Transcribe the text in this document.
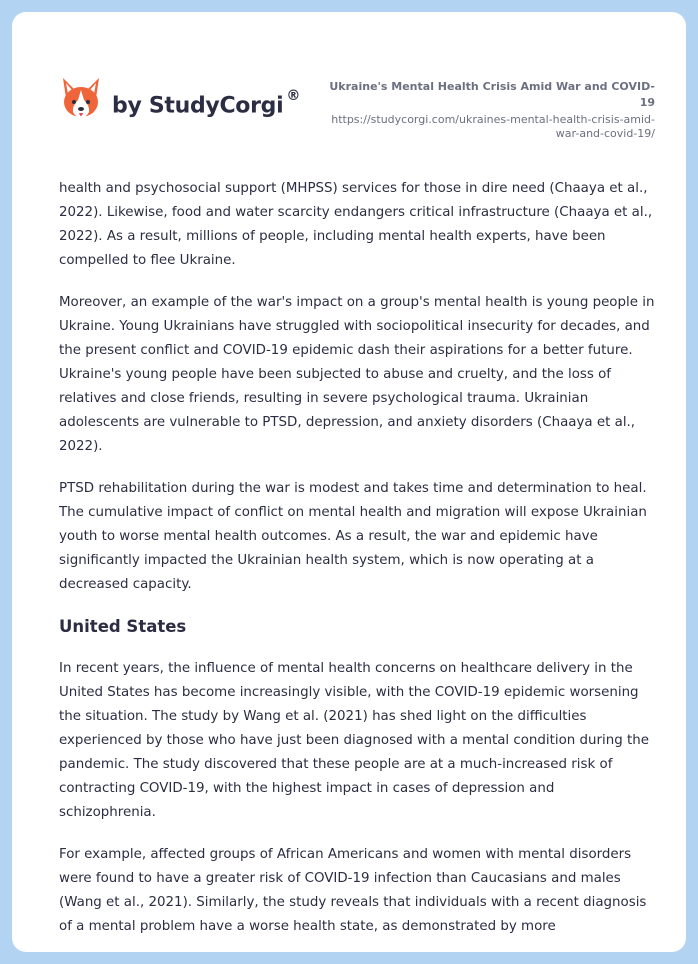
by StudyCorgi ®
Ukraine's Mental Health Crisis Amid War and COVID-19
https://studycorgi.com/ukraines-mental-health-crisis-amid-
war-and-covid-19/

health and psychosocial support (MHPSS) services for those in dire need (Chaaya et al., 2022). Likewise, food and water scarcity endangers critical infrastructure (Chaaya et al., 2022). As a result, millions of people, including mental health experts, have been compelled to flee Ukraine.

Moreover, an example of the war's impact on a group's mental health is young people in Ukraine. Young Ukrainians have struggled with sociopolitical insecurity for decades, and the present conflict and COVID-19 epidemic dash their aspirations for a better future. Ukraine's young people have been subjected to abuse and cruelty, and the loss of relatives and close friends, resulting in severe psychological trauma. Ukrainian adolescents are vulnerable to PTSD, depression, and anxiety disorders (Chaaya et al., 2022).

PTSD rehabilitation during the war is modest and takes time and determination to heal. The cumulative impact of conflict on mental health and migration will expose Ukrainian youth to worse mental health outcomes. As a result, the war and epidemic have significantly impacted the Ukrainian health system, which is now operating at a decreased capacity.

United States

In recent years, the influence of mental health concerns on healthcare delivery in the United States has become increasingly visible, with the COVID-19 epidemic worsening the situation. The study by Wang et al. (2021) has shed light on the difficulties experienced by those who have just been diagnosed with a mental condition during the pandemic. The study discovered that these people are at a much-increased risk of contracting COVID-19, with the highest impact in cases of depression and schizophrenia.

For example, affected groups of African Americans and women with mental disorders were found to have a greater risk of COVID-19 infection than Caucasians and males (Wang et al., 2021). Similarly, the study reveals that individuals with a recent diagnosis of a mental problem have a worse health state, as demonstrated by more
